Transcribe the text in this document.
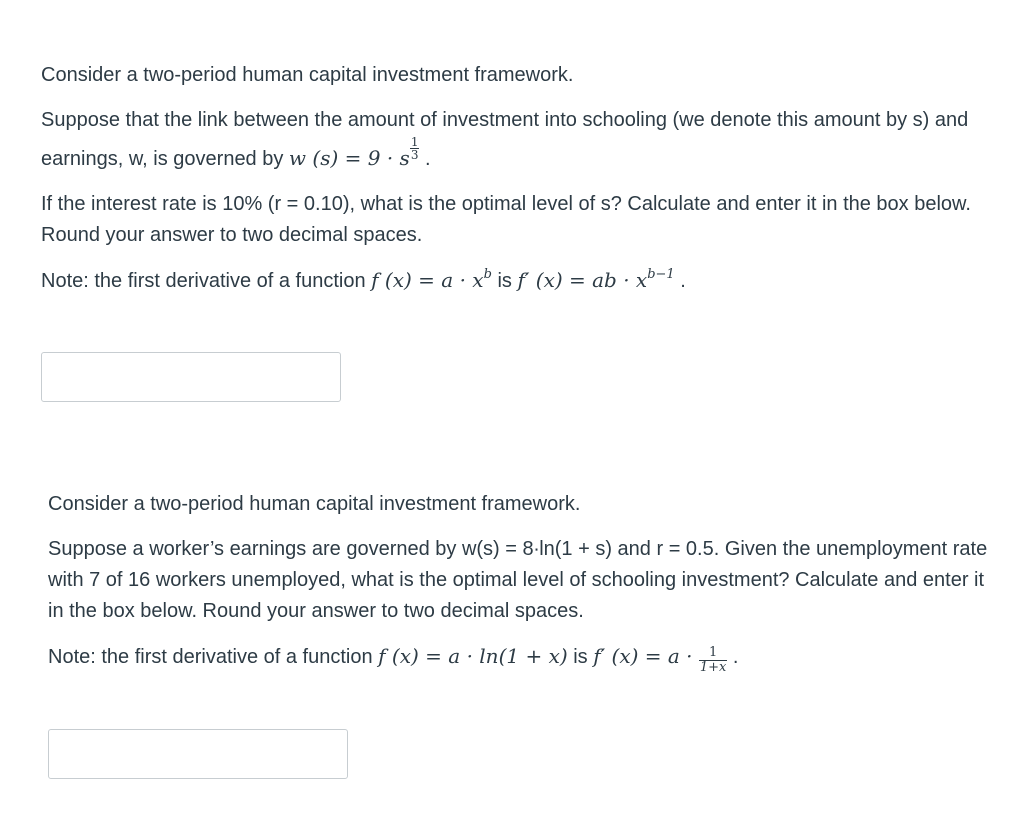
Consider a two-period human capital investment framework.

Suppose that the link between the amount of investment into schooling (we denote this amount by s) and earnings, w, is governed by w (s) = 9 · s $\frac{1}{3}$ .

If the interest rate is 10% (r = 0.10), what is the optimal level of s? Calculate and enter it in the box below. Round your answer to two decimal spaces.

Note: the first derivative of a function f $(x) = a \cdot x^b$ is f′ (x) = ab · $x^{b-1}$ .

Consider a two-period human capital investment framework.

Suppose a worker’s earnings are governed by w(s) = 8∙ln(1 + s) and r = 0.5. Given the unemployment rate with 7 of 16 workers unemployed, what is the optimal level of schooling investment? Calculate and enter it in the box below. Round your answer to two decimal spaces.

Note: the first derivative of a function f (x) = a · ln(1 + x) is f′ $(x) = a \cdot \frac{1}{1+x}$ .
